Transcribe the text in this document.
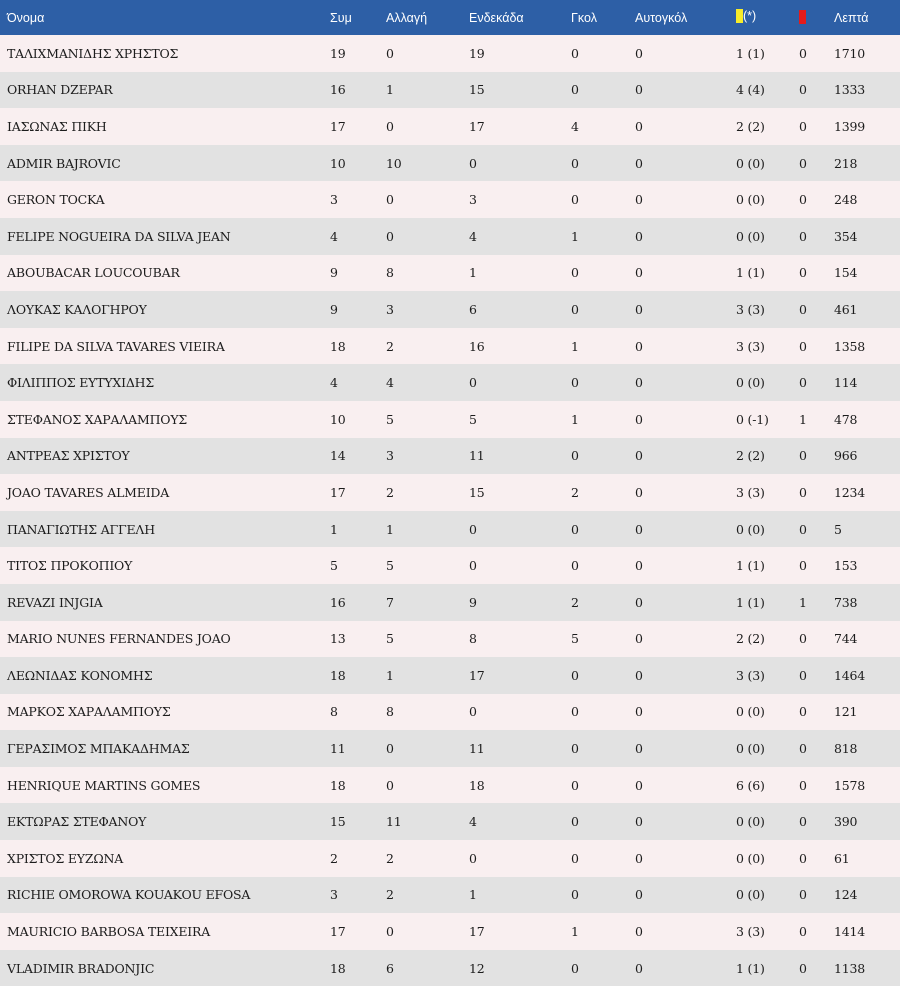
Όνομα	Συμ	Αλλαγή	Ενδεκάδα	Γκολ	Αυτογκόλ	(*)		Λεπτά
ΤΑΛΙΧΜΑΝΙΔΗΣ ΧΡΗΣΤΟΣ	19	0	19	0	0	1 (1)	0	1710
ORHAN DZEPAR	16	1	15	0	0	4 (4)	0	1333
ΙΑΣΩΝΑΣ ΠΙΚΗ	17	0	17	4	0	2 (2)	0	1399
ADMIR BAJROVIC	10	10	0	0	0	0 (0)	0	218
GERON TOCKA	3	0	3	0	0	0 (0)	0	248
FELIPE NOGUEIRA DA SILVA JEAN	4	0	4	1	0	0 (0)	0	354
ABOUBACAR LOUCOUBAR	9	8	1	0	0	1 (1)	0	154
ΛΟΥΚΑΣ ΚΑΛΟΓΗΡΟΥ	9	3	6	0	0	3 (3)	0	461
FILIPE DA SILVA TAVARES VIEIRA	18	2	16	1	0	3 (3)	0	1358
ΦΙΛΙΠΠΟΣ ΕΥΤΥΧΙΔΗΣ	4	4	0	0	0	0 (0)	0	114
ΣΤΕΦΑΝΟΣ ΧΑΡΑΛΑΜΠΟΥΣ	10	5	5	1	0	0 (-1)	1	478
ΑΝΤΡΕΑΣ ΧΡΙΣΤΟΥ	14	3	11	0	0	2 (2)	0	966
JOAO TAVARES ALMEIDA	17	2	15	2	0	3 (3)	0	1234
ΠΑΝΑΓΙΩΤΗΣ ΑΓΓΕΛΗ	1	1	0	0	0	0 (0)	0	5
ΤΙΤΟΣ ΠΡΟΚΟΠΙΟΥ	5	5	0	0	0	1 (1)	0	153
REVAZI INJGIA	16	7	9	2	0	1 (1)	1	738
MARIO NUNES FERNANDES JOAO	13	5	8	5	0	2 (2)	0	744
ΛΕΩΝΙΔΑΣ ΚΟΝΟΜΗΣ	18	1	17	0	0	3 (3)	0	1464
ΜΑΡΚΟΣ ΧΑΡΑΛΑΜΠΟΥΣ	8	8	0	0	0	0 (0)	0	121
ΓΕΡΑΣΙΜΟΣ ΜΠΑΚΑΔΗΜΑΣ	11	0	11	0	0	0 (0)	0	818
HENRIQUE MARTINS GOMES	18	0	18	0	0	6 (6)	0	1578
ΕΚΤΩΡΑΣ ΣΤΕΦΑΝΟΥ	15	11	4	0	0	0 (0)	0	390
ΧΡΙΣΤΟΣ ΕΥΖΩΝΑ	2	2	0	0	0	0 (0)	0	61
RICHIE OMOROWA KOUAKOU EFOSA	3	2	1	0	0	0 (0)	0	124
MAURICIO BARBOSA TEIXEIRA	17	0	17	1	0	3 (3)	0	1414
VLADIMIR BRADONJIC	18	6	12	0	0	1 (1)	0	1138
